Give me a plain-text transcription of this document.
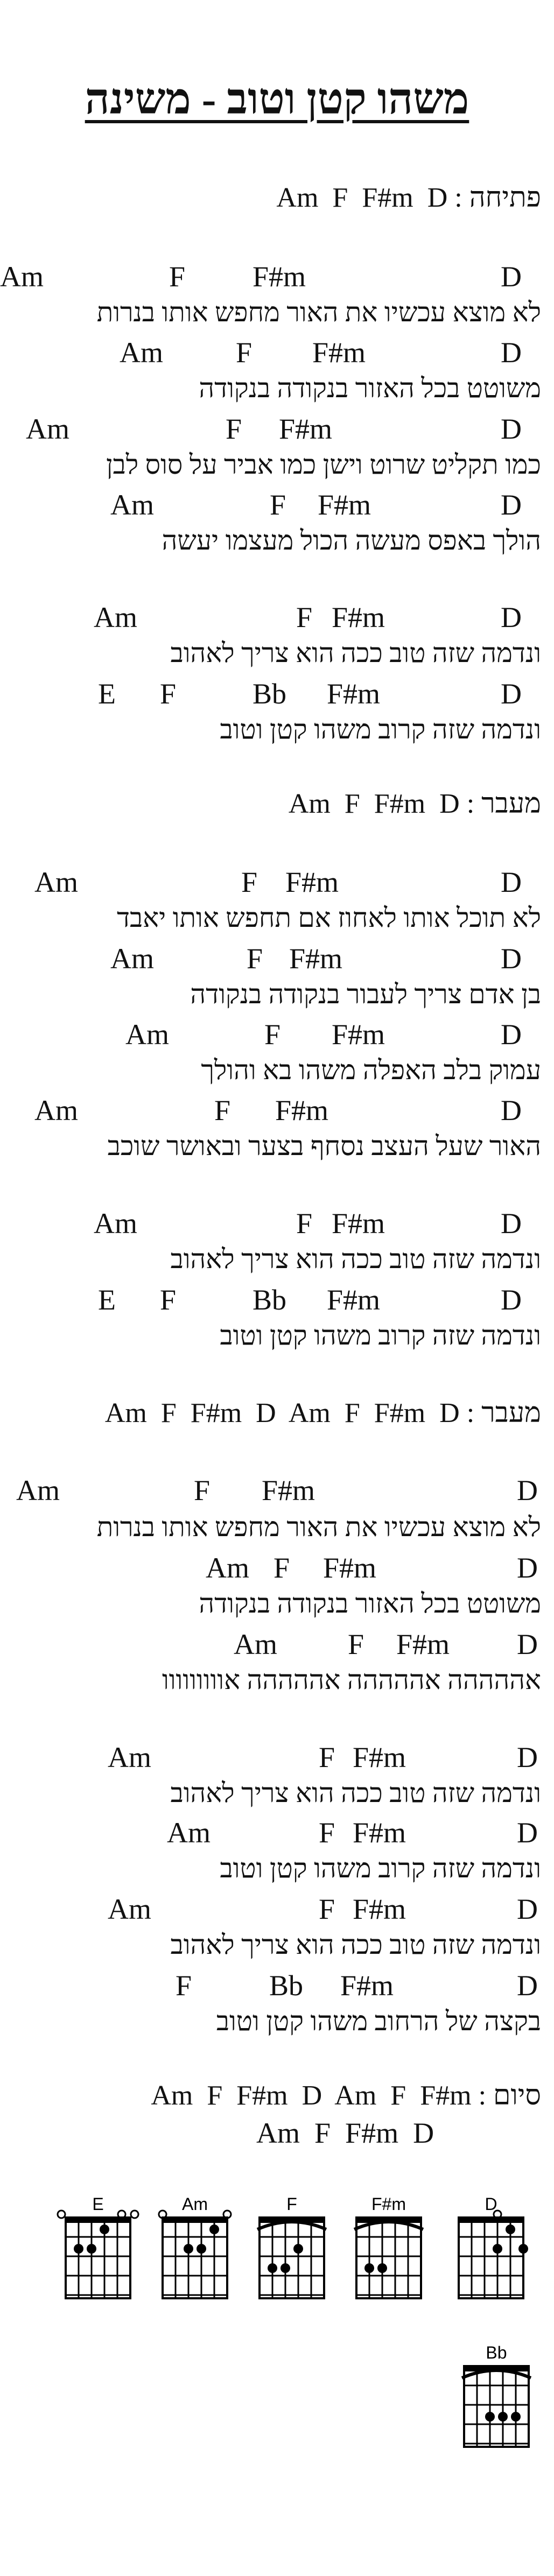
משהו קטן וטוב - משינה
פתיחה : Am  F  F#m  D
Am	F F#m	D
לא מוצא עכשיו את האור מחפש אותו בנרות
Am	F F#m	D
משוטט בכל האזור בנקודה בנקודה
Am	F F#m	D
כמו תקליט שרוט וישן כמו אביר על סוס לבן
Am	F F#m	D
הולך באפס מעשה הכול מעצמו יעשה
Am	F F#m	D
ונדמה שזה טוב ככה הוא צריך לאהוב
E F	Bb F#m	D
ונדמה שזה קרוב משהו קטן וטוב
מעבר : Am  F  F#m  D
Am	F F#m	D
לא תוכל אותו לאחוז אם תחפש אותו יאבד
Am	F F#m	D
בן אדם צריך לעבור בנקודה בנקודה
Am	F F#m	D
עמוק בלב האפלה משהו בא והולך
Am	F F#m	D
האור שעל העצב נסחף בצער ובאושר שוכב
Am	F F#m	D
ונדמה שזה טוב ככה הוא צריך לאהוב
E F	Bb F#m	D
ונדמה שזה קרוב משהו קטן וטוב
מעבר : Am  F  F#m  D  Am  F  F#m  D
Am	F F#m	D
לא מוצא עכשיו את האור מחפש אותו בנרות
Am F F#m	D
משוטט בכל האזור בנקודה בנקודה
Am F F#m D
אההההה אההההה אההההה אווווווווו
Am	F F#m	D
ונדמה שזה טוב ככה הוא צריך לאהוב
Am	F F#m	D
ונדמה שזה קרוב משהו קטן וטוב
Am	F F#m	D
ונדמה שזה טוב ככה הוא צריך לאהוב
F	Bb F#m	D
בקצה של הרחוב משהו קטן וטוב
סיום : Am  F  F#m  D  Am  F  F#m
Am  F  F#m  D
E	Am	F	F#m	D
Bb
